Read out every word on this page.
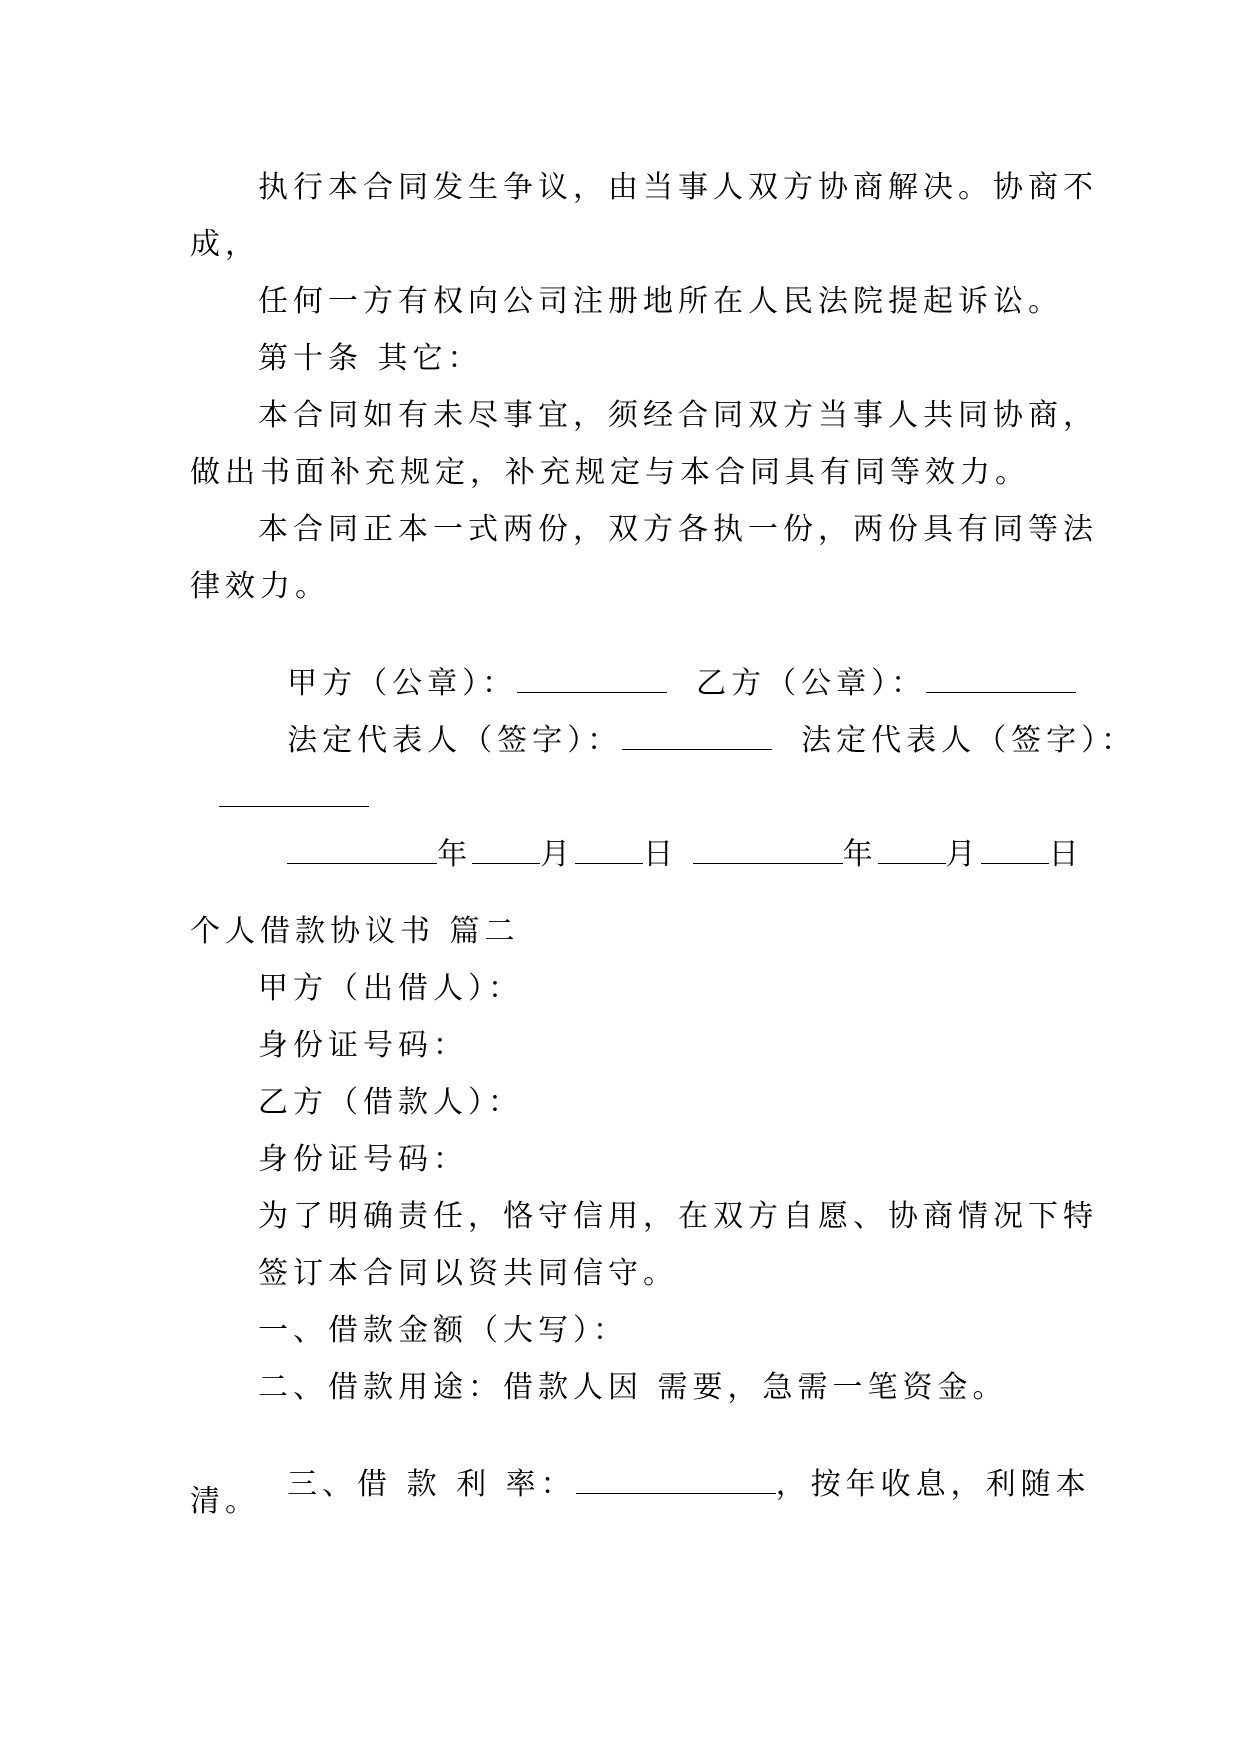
执行本合同发生争议，由当事人双方协商解决。协商不
成，
任何一方有权向公司注册地所在人民法院提起诉讼。
第十条 其它：
本合同如有未尽事宜，须经合同双方当事人共同协商，
做出书面补充规定，补充规定与本合同具有同等效力。
本合同正本一式两份，双方各执一份，两份具有同等法
律效力。

甲方（公章）：	乙方（公章）：

法定代表人（签字）：	法定代表人（签字）：

年 月 日	年 月 日

个人借款协议书 篇二
甲方（出借人）：
身份证号码：
乙方（借款人）：
身份证号码：
为了明确责任，恪守信用，在双方自愿、协商情况下特
签订本合同以资共同信守。
一、借款金额（大写）：
二、借款用途：借款人因 需要，急需一笔资金。

三、借 款 利 率：	，按年收息，利随本

清。
